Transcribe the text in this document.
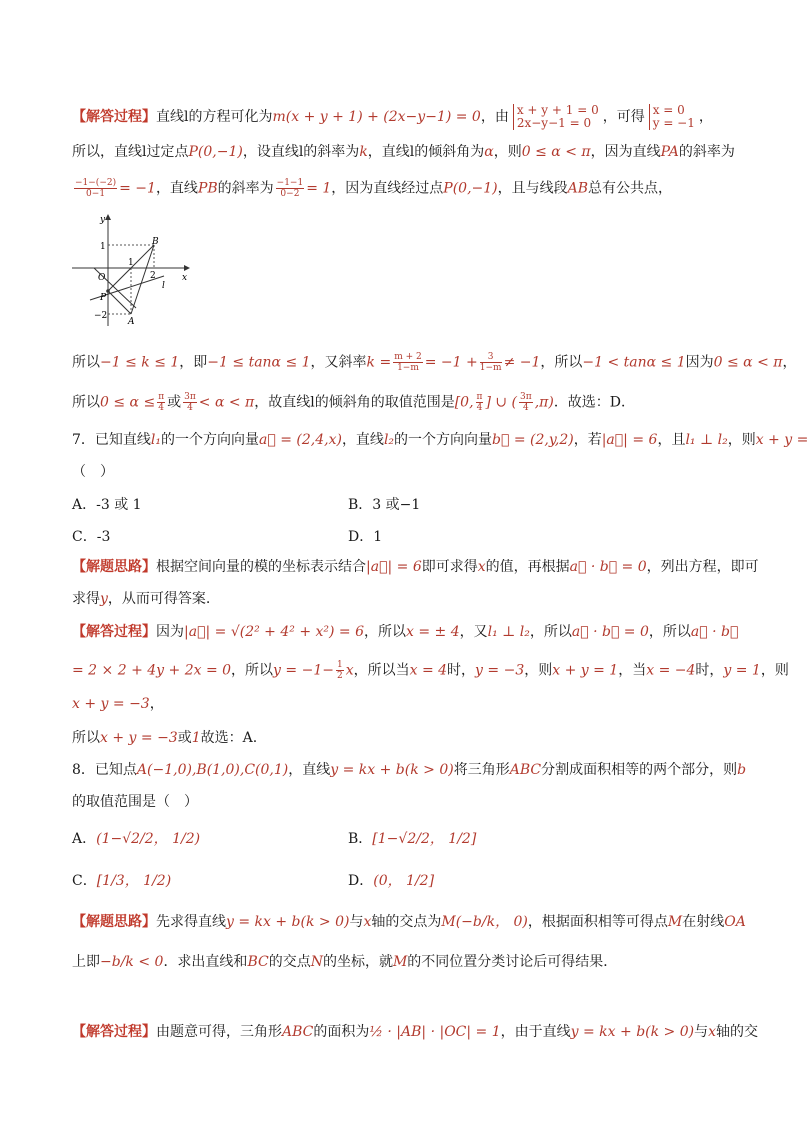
【解答过程】直线l的方程可化为m(x + y + 1) + (2x−y−1) = 0，由 x + y + 1 = 0
2x−y−1 = 0 ，可得 x = 0
y = −1 ，
所以，直线l过定点P(0,−1)，设直线l的斜率为k，直线l的倾斜角为α，则0 ≤ α < π，因为直线PA的斜率为
$\frac{-1-(-2)}{0-1} = -1$，直线PB的斜率为 $\frac{-1-1}{0-2} = 1$，因为直线经过点P(0,−1)，且与线段AB总有公共点，
y
x
O
1
1
2
−2
B
P
A
l
所以−1 ≤ k ≤ 1，即−1 ≤ tanα ≤ 1，又斜率$k = \frac{m + 2}{1-m} = -1 + \frac{3}{1-m} \ne -1$，所以−1 < tanα ≤ 1因为0 ≤ α < π，
所以$0 \le \alpha \le \frac{\pi}{4}$ 或 $\frac{3\pi}{4} < \alpha < \pi$，故直线l的倾斜角的取值范围是[0, $\frac{\pi}{4}$ ] ∪ ( $\frac{3\pi}{4} ,\pi$)．故选：D．
7．已知直线l₁的一个方向向量a⃗ = (2,4,x)，直线l₂的一个方向向量b⃗ = (2,y,2)，若|a⃗| = 6，且l₁ ⊥ l₂，则x + y =
（　）
A．-3 或 1	B．3 或−1
C．-3	D．1
【解题思路】根据空间向量的模的坐标表示结合|a⃗| = 6即可求得x的值，再根据a⃗ · b⃗ = 0，列出方程，即可
求得y，从而可得答案.
【解答过程】因为|a⃗| = √(2² + 4² + x²) = 6，所以x = ± 4，又l₁ ⊥ l₂，所以a⃗ · b⃗ = 0，所以a⃗ · b⃗
= 2 × 2 + 4y + 2x = 0，所以$y = -1- \frac{1}{2}$ x，所以当x = 4时，y = −3，则x + y = 1，当x = −4时，y = 1，则
x + y = −3，
所以x + y = −3或1故选：A.
8．已知点A(−1,0),B(1,0),C(0,1)，直线y = kx + b(k > 0)将三角形ABC分割成面积相等的两个部分，则b
的取值范围是（　）
A．(1−√2/2， 1/2)	B．[1−√2/2， 1/2]
C．[1/3， 1/2)	D．(0， 1/2]
【解题思路】先求得直线y = kx + b(k > 0)与x轴的交点为M(−b/k， 0)，根据面积相等可得点M在射线OA
上即−b/k < 0．求出直线和BC的交点N的坐标，就M的不同位置分类讨论后可得结果．
【解答过程】由题意可得，三角形ABC的面积为½ · |AB| · |OC| = 1，由于直线y = kx + b(k > 0)与x轴的交
